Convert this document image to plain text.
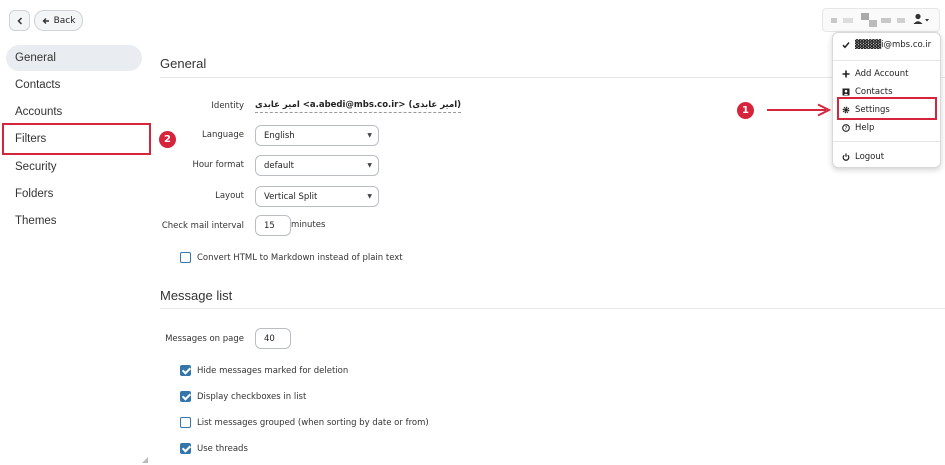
Back
General
Contacts
Accounts
Filters
Security
Folders
Themes
General
Identity امیر عابدی <a.abedi@mbs.co.ir> (امیر عابدی)
Language English	▼
Hour format default	▼
Layout Vertical Split	▼
Check mail interval 15 minutes
Convert HTML to Markdown instead of plain text
Message list
Messages on page 40
Hide messages marked for deletion
Display checkboxes in list
List messages grouped (when sorting by date or from)
Use threads
▓▓▓▓i@mbs.co.ir
Add Account
Contacts
Settings
? Help
Logout
1
2
